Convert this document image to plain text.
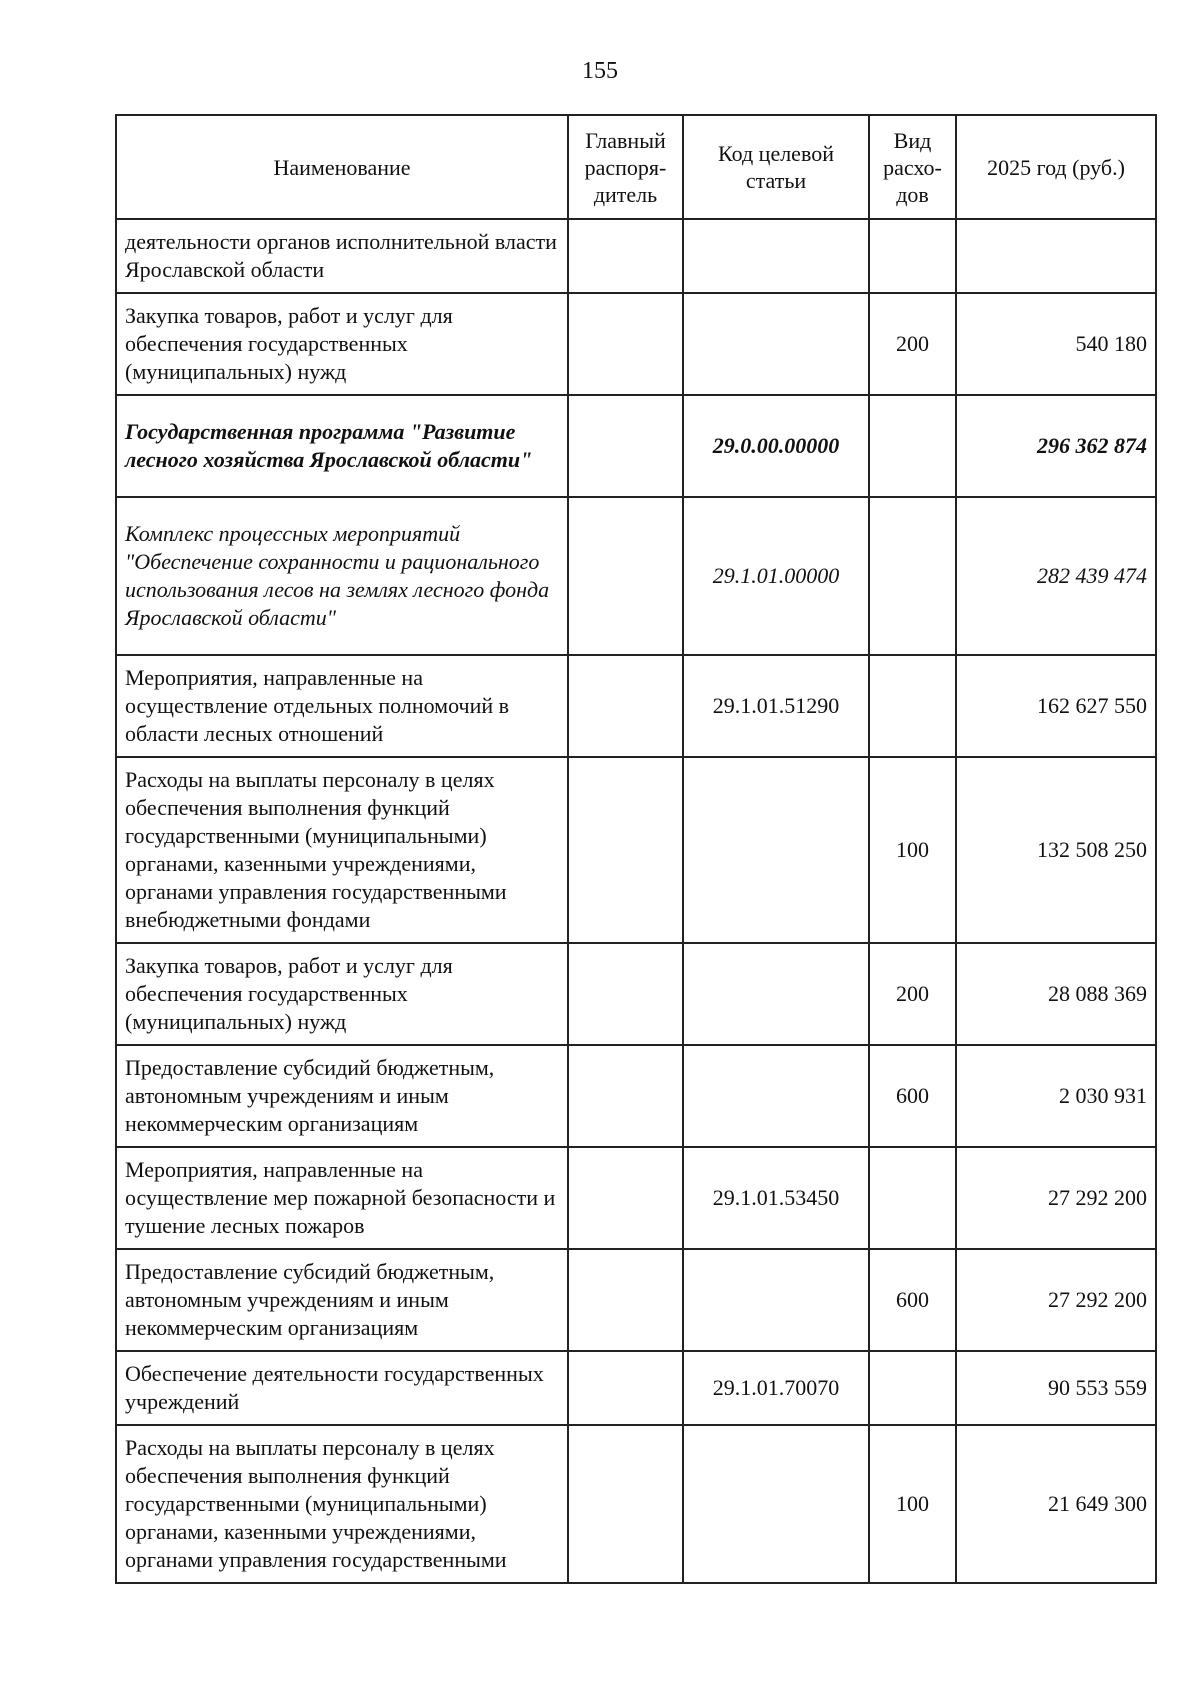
155
Наименование	Главный распоря-дитель	Код целевой статьи	Вид расхо-дов	2025 год (руб.)
деятельности органов исполнительной власти Ярославской области				
Закупка товаров, работ и услуг для обеспечения государственных (муниципальных) нужд			200	540 180
Государственная программа "Развитие лесного хозяйства Ярославской области"		29.0.00.00000		296 362 874
Комплекс процессных мероприятий "Обеспечение сохранности и рационального использования лесов на землях лесного фонда Ярославской области"		29.1.01.00000		282 439 474
Мероприятия, направленные на осуществление отдельных полномочий в области лесных отношений		29.1.01.51290		162 627 550
Расходы на выплаты персоналу в целях обеспечения выполнения функций государственными (муниципальными) органами, казенными учреждениями, органами управления государственными внебюджетными фондами			100	132 508 250
Закупка товаров, работ и услуг для обеспечения государственных (муниципальных) нужд			200	28 088 369
Предоставление субсидий бюджетным, автономным учреждениям и иным некоммерческим организациям			600	2 030 931
Мероприятия, направленные на осуществление мер пожарной безопасности и тушение лесных пожаров		29.1.01.53450		27 292 200
Предоставление субсидий бюджетным, автономным учреждениям и иным некоммерческим организациям			600	27 292 200
Обеспечение деятельности государственных учреждений		29.1.01.70070		90 553 559
Расходы на выплаты персоналу в целях обеспечения выполнения функций государственными (муниципальными) органами, казенными учреждениями, органами управления государственными			100	21 649 300
